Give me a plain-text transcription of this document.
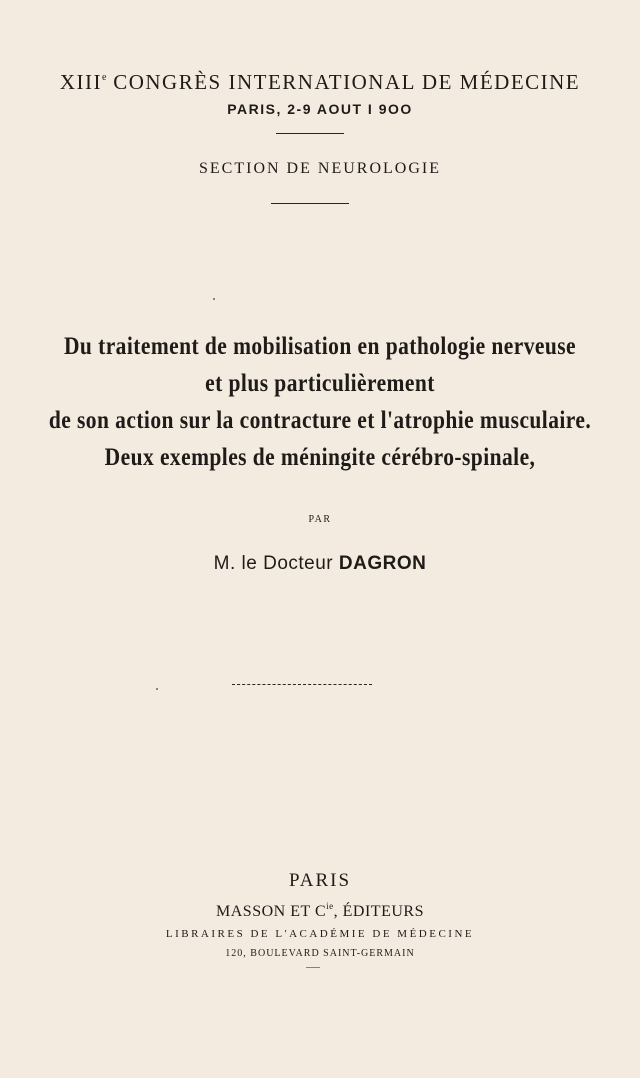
XIIIe CONGRÈS INTERNATIONAL DE MÉDECINE
PARIS, 2-9 AOUT I 9OO
SECTION DE NEUROLOGIE
Du traitement de mobilisation en pathologie nerveuse
et plus particulièrement
de son action sur la contracture et l'atrophie musculaire.
Deux exemples de méningite cérébro-spinale,
PAR
M. le Docteur DAGRON
PARIS
MASSON ET $C^{ie}$, ÉDITEURS
LIBRAIRES DE L'ACADÉMIE DE MÉDECINE
120, BOULEVARD SAINT-GERMAIN
